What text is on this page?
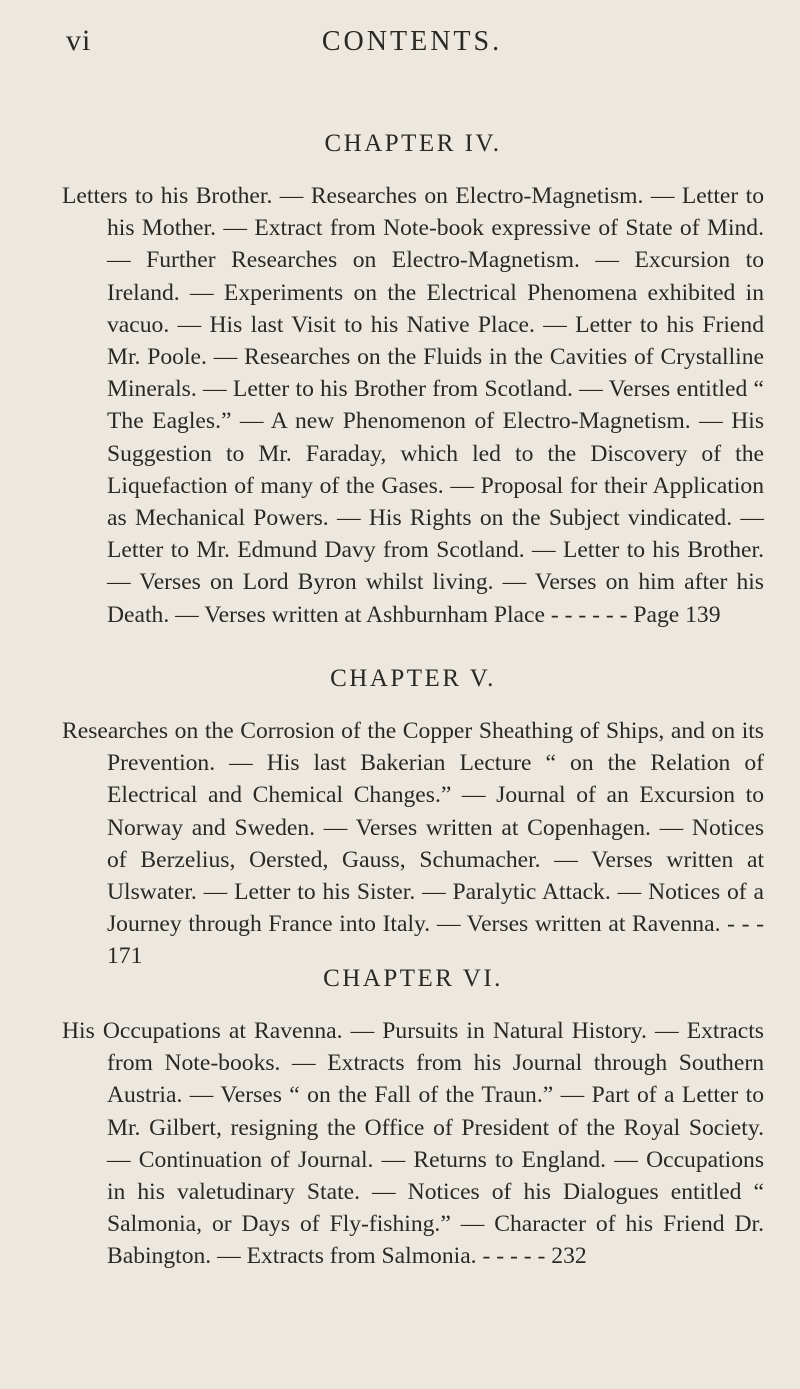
vi	CONTENTS.
CHAPTER IV.

Letters to his Brother. — Researches on Electro-Magnetism. — Letter to his Mother. — Extract from Note-book expressive of State of Mind. — Further Researches on Electro-Magnetism. — Excursion to Ireland. — Experiments on the Electrical Phenomena exhibited in vacuo. — His last Visit to his Native Place. — Letter to his Friend Mr. Poole. — Researches on the Fluids in the Cavities of Crystalline Minerals. — Letter to his Brother from Scotland. — Verses entitled “ The Eagles.” — A new Phenomenon of Electro-Magnetism. — His Suggestion to Mr. Faraday, which led to the Discovery of the Liquefaction of many of the Gases. — Proposal for their Application as Mechanical Powers. — His Rights on the Subject vindicated. — Letter to Mr. Edmund Davy from Scotland. — Letter to his Brother. — Verses on Lord Byron whilst living. — Verses on him after his Death. — Verses written at Ashburnham Place - - - - - - Page 139

CHAPTER V.

Researches on the Corrosion of the Copper Sheathing of Ships, and on its Prevention. — His last Bakerian Lecture “ on the Relation of Electrical and Chemical Changes.” — Journal of an Excursion to Norway and Sweden. — Verses written at Copenhagen. — Notices of Berzelius, Oersted, Gauss, Schumacher. — Verses written at Ulswater. — Letter to his Sister. — Paralytic Attack. — Notices of a Journey through France into Italy. — Verses written at Ravenna. - - - 171

CHAPTER VI.

His Occupations at Ravenna. — Pursuits in Natural History. — Extracts from Note-books. — Extracts from his Journal through Southern Austria. — Verses “ on the Fall of the Traun.” — Part of a Letter to Mr. Gilbert, resigning the Office of President of the Royal Society. — Continuation of Journal. — Returns to England. — Occupations in his valetudinary State. — Notices of his Dialogues entitled “ Salmonia, or Days of Fly-fishing.” — Character of his Friend Dr. Babington. — Extracts from Salmonia. - - - - - 232
